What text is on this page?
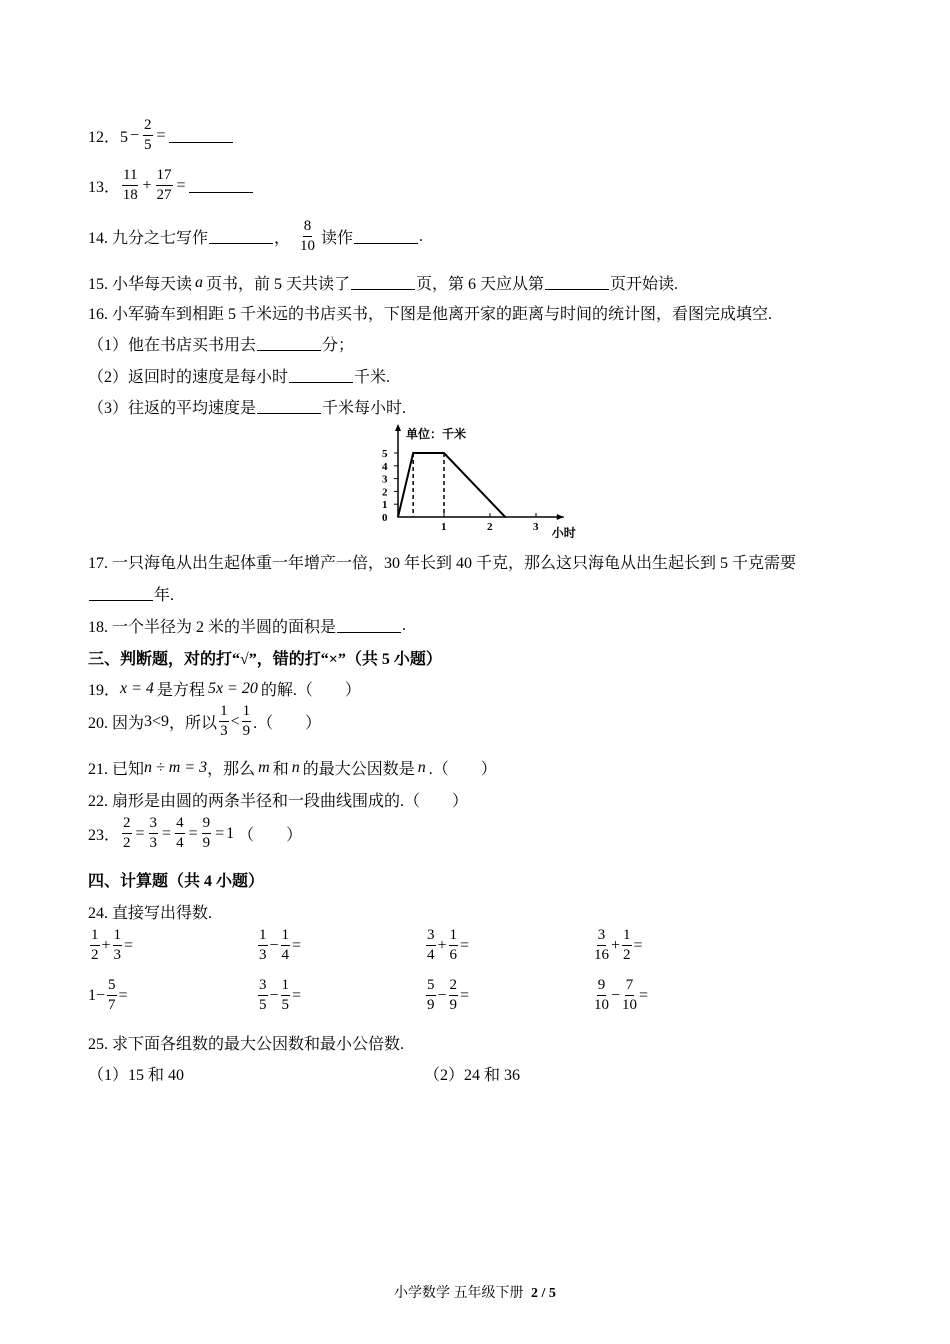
12．$5 - \frac{2}{5}$ =
13． $\frac{11}{18} + \frac{17}{27}$ =
14. 九分之七写作	， $\frac{8}{10}$ 读作	.
15. 小华每天读 a 页书，前 5 天共读了	页，第 6 天应从第	页开始读.
16. 小军骑车到相距 5 千米远的书店买书，下图是他离开家的距离与时间的统计图，看图完成填空.
（1）他在书店买书用去	分；
（2）返回时的速度是每小时	千米.
（3）往返的平均速度是	千米每小时.
0
1
2
3
4
5
1	2	3
单位：千米
小时
17. 一只海龟从出生起体重一年增产一倍，30 年长到 40 千克，那么这只海龟从出生起长到 5 千克需要
年.
18. 一个半径为 2 米的半圆的面积是	.
三、判断题，对的打“√”，错的打“×”（共 5 小题）
19． x = 4 是方程 5x = 20 的解.（　　）
20. 因为 3<9 ，所以 $\frac{1}{3} < \frac{1}{9}$ .（　　）
21. 已知 n ÷ m = 3 ，那么 m 和 n 的最大公因数是 n .（　　）
22. 扇形是由圆的两条半径和一段曲线围成的.（　　）
23． $\frac{2}{2} = \frac{3}{3} = \frac{4}{4} = \frac{9}{9} = 1$ （　　）
四、计算题（共 4 小题）
24. 直接写出得数.
$\frac{1}{2} + \frac{1}{3}$ =	$\frac{1}{3} - \frac{1}{4}$ =	$\frac{3}{4} + \frac{1}{6}$ =	$\frac{3}{16} + \frac{1}{2}$ =
$1 - \frac{5}{7}$ =	$\frac{3}{5} - \frac{1}{5}$ =	$\frac{5}{9} - \frac{2}{9}$ =	$\frac{9}{10} - \frac{7}{10}$ =
25. 求下面各组数的最大公因数和最小公倍数.
（1）15 和 40	（2）24 和 36
小学数学 五年级下册 2 / 5
